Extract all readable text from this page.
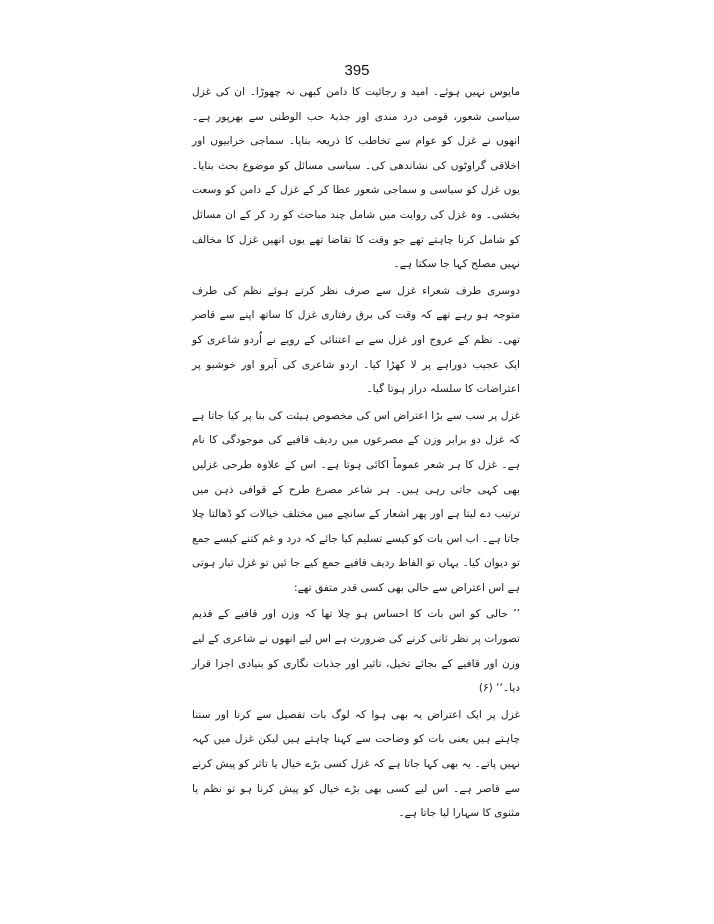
395

مایوس نہیں ہوئے۔ امید و رجائیت کا دامن کبھی نہ چھوڑا۔ ان کی غزل سیاسی شعور، قومی درد مندی اور جذبۂ حب الوطنی سے بھرپور ہے۔ انھوں نے غزل کو عوام سے تخاطب کا ذریعہ بنایا۔ سماجی خرابیوں اور اخلاقی گراوٹوں کی نشاندھی کی۔ سیاسی مسائل کو موضوع بحث بنایا۔ یوں غزل کو سیاسی و سماجی شعور عطا کر کے غزل کے دامن کو وسعت بخشی۔ وہ غزل کی روایت میں شامل چند مباحث کو رد کر کے ان مسائل کو شامل کرنا چاہتے تھے جو وقت کا تقاضا تھے یوں انھیں غزل کا مخالف نہیں مصلح کہا جا سکتا ہے۔

دوسری طرف شعراء غزل سے صرف نظر کرتے ہوئے نظم کی طرف متوجہ ہو رہے تھے کہ وقت کی برق رفتاری غزل کا ساتھ اپنے سے قاصر تھی۔ نظم کے عروج اور غزل سے بے اعتنائی کے رویے نے اُردو شاعری کو ایک عجیب دوراہے پر لا کھڑا کیا۔ اردو شاعری کی آبرو اور خوشبو پر اعتراضات کا سلسلہ دراز ہوتا گیا۔

غزل پر سب سے بڑا اعتراض اس کی مخصوص ہیئت کی بنا پر کیا جاتا ہے کہ غزل دو برابر وزن کے مصرعوں میں ردیف قافیے کی موجودگی کا نام ہے۔ غزل کا ہر شعر عموماً اکائی ہوتا ہے۔ اس کے علاوہ طرحی غزلیں بھی کہی جاتی رہی ہیں۔ ہر شاعر مصرع طرح کے قوافی ذہن میں ترتیب دے لیتا ہے اور پھر اشعار کے سانچے میں مختلف خیالات کو ڈھالتا چلا جاتا ہے۔ اب اس بات کو کیسے تسلیم کیا جائے کہ درد و غم کتنے کیسے جمع تو دیوان کیا۔ یہاں تو الفاظ ردیف قافیے جمع کیے جا ئیں تو غزل تیار ہوتی ہے اس اعتراض سے حالی بھی کسی قدر متفق تھے:

’’ حالی کو اس بات کا احساس ہو چلا تھا کہ وزن اور قافیے کے قدیم تصورات پر نظر ثانی کرنے کی ضرورت ہے اس لیے انھوں نے شاعری کے لیے وزن اور قافیے کے بجائے تخیل، تاثیر اور جذبات نگاری کو بنیادی اجزا قرار دیا۔‘‘ (۶)

غزل پر ایک اعتراض یہ بھی ہوا کہ لوگ بات تفصیل سے کرنا اور سننا چاہتے ہیں یعنی بات کو وضاحت سے کہنا چاہتے ہیں لیکن غزل میں کہہ نہیں پاتے۔ یہ بھی کہا جاتا ہے کہ غزل کسی بڑے خیال یا تاثر کو پیش کرنے سے قاصر ہے۔ اس لیے کسی بھی بڑے خیال کو پیش کرنا ہو تو نظم یا مثنوی کا سہارا لیا جاتا ہے۔
